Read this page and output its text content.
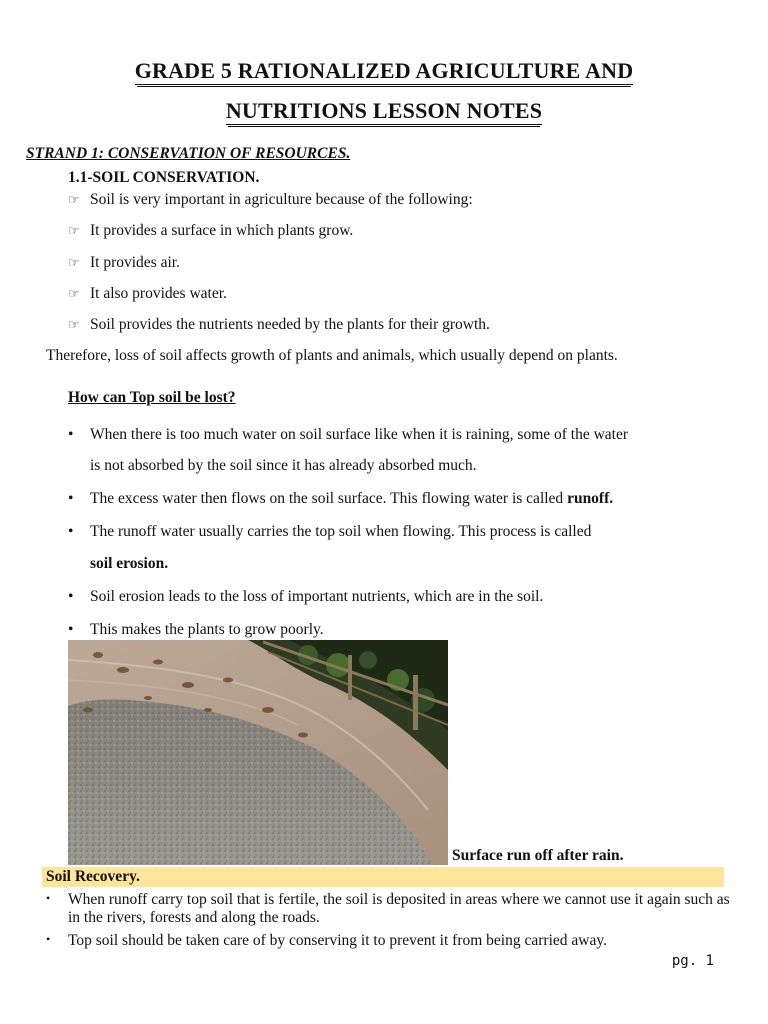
GRADE 5 RATIONALIZED AGRICULTURE AND
NUTRITIONS LESSON NOTES
STRAND 1: CONSERVATION OF RESOURCES.
1.1-SOIL CONSERVATION.
☞ Soil is very important in agriculture because of the following:
☞ It provides a surface in which plants grow.
☞ It provides air.
☞ It also provides water.
☞ Soil provides the nutrients needed by the plants for their growth.
Therefore, loss of soil affects growth of plants and animals, which usually depend on plants.
How can Top soil be lost?
• When there is too much water on soil surface like when it is raining, some of the water
is not absorbed by the soil since it has already absorbed much.
• The excess water then flows on the soil surface. This flowing water is called runoff.
• The runoff water usually carries the top soil when flowing. This process is called
soil erosion.
• Soil erosion leads to the loss of important nutrients, which are in the soil.
• This makes the plants to grow poorly.
Surface run off after rain.
Soil Recovery.
• When runoff carry top soil that is fertile, the soil is deposited in areas where we cannot use it again such as in the rivers, forests and along the roads.
• Top soil should be taken care of by conserving it to prevent it from being carried away.
pg. 1
